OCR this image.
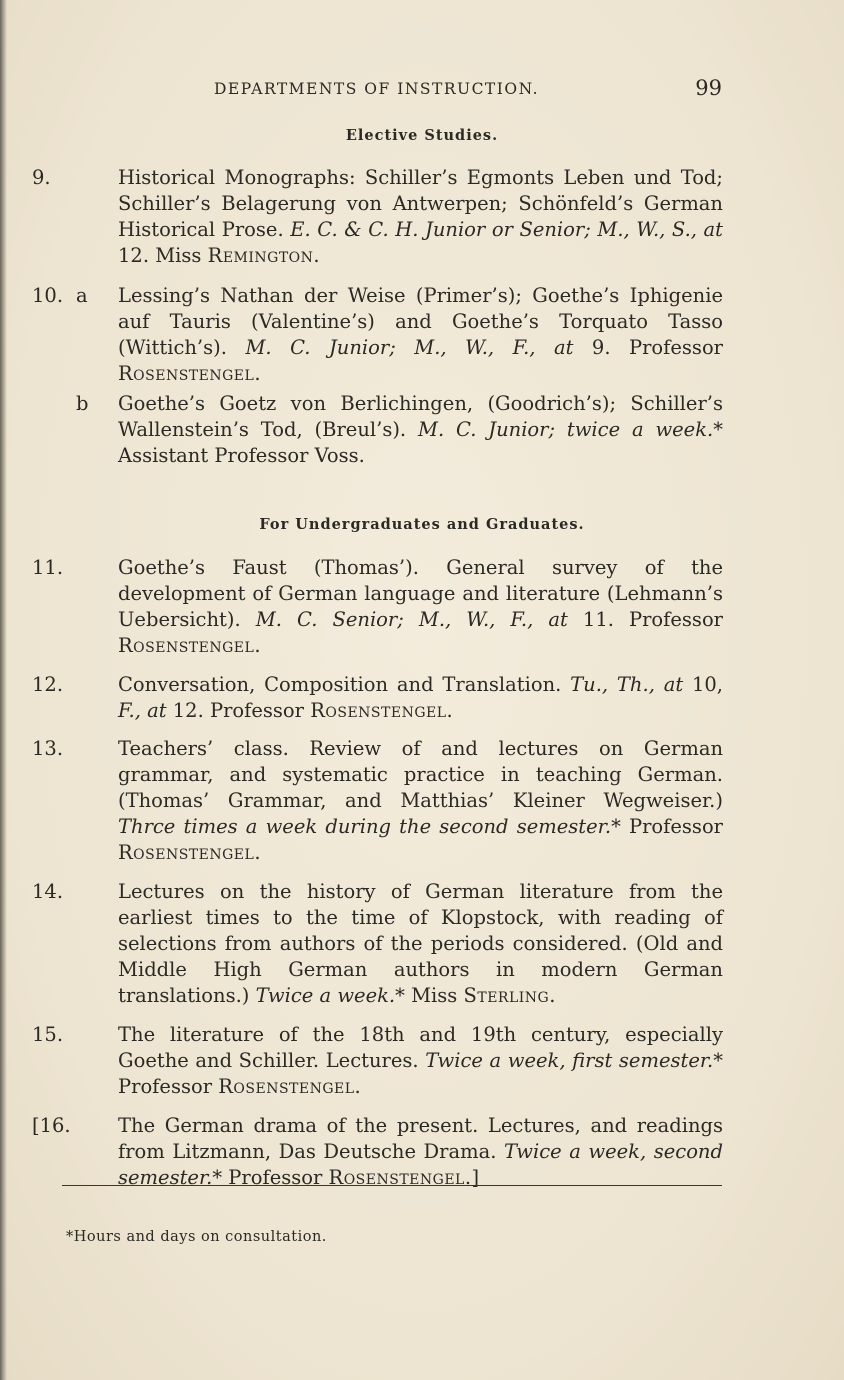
DEPARTMENTS OF INSTRUCTION.	99
Elective Studies.
9.	Historical Monographs: Schiller’s Egmonts Leben und Tod; Schiller’s Belagerung von Antwerpen; Schönfeld’s German Historical Prose. E. C. & C. H. Junior or Senior; M., W., S., at 12. Miss Remington.
10. a	Lessing’s Nathan der Weise (Primer’s); Goethe’s Iphigenie auf Tauris (Valentine’s) and Goethe’s Torquato Tasso (Wittich’s). M. C. Junior; M., W., F., at 9. Professor Rosenstengel.
b	Goethe’s Goetz von Berlichingen, (Goodrich’s); Schiller’s Wallenstein’s Tod, (Breul’s). M. C. Junior; twice a week.* Assistant Professor Voss.
For Undergraduates and Graduates.
11.	Goethe’s Faust (Thomas’). General survey of the development of German language and literature (Lehmann’s Uebersicht). M. C. Senior; M., W., F., at 11. Professor Rosenstengel.
12.	Conversation, Composition and Translation. Tu., Th., at 10, F., at 12. Professor Rosenstengel.
13.	Teachers’ class. Review of and lectures on German grammar, and systematic practice in teaching German. (Thomas’ Grammar, and Matthias’ Kleiner Wegweiser.) Thrce times a week during the second semester.* Professor Rosenstengel.
14.	Lectures on the history of German literature from the earliest times to the time of Klopstock, with reading of selections from authors of the periods considered. (Old and Middle High German authors in modern German translations.) Twice a week.* Miss Sterling.
15.	The literature of the 18th and 19th century, especially Goethe and Schiller. Lectures. Twice a week, first semester.* Professor Rosenstengel.
[16.	The German drama of the present. Lectures, and readings from Litzmann, Das Deutsche Drama. Twice a week, second semester.* Professor Rosenstengel.]
*Hours and days on consultation.
